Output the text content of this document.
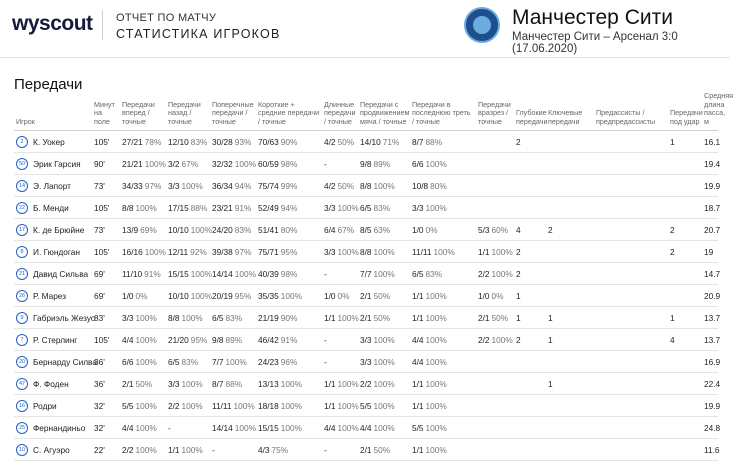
wyscout ОТЧЕТ ПО МАТЧУ
СТАТИСТИКА ИГРОКОВ
Манчестер Сити
Манчестер Сити – Арсенал 3:0 (17.06.2020)
Передачи
Игрок	Минут на поле	Передачи вперед / точные	Передачи назад / точные	Поперечные передачи / точные	Короткие + средние передачи / точные	Длинные передачи / точные	Передачи с продвижением мяча / точные	Передачи в последнюю треть / точные	Передачи вразрез / точные	Глубокие передачи	Ключевые передачи	Предассисты / предпредассисты	Передачи под удар	Средняя длина пасса, м
2 К. Уокер	105'	27/21 78%	12/10 83%	30/28 93%	70/63 90%	4/2 50%	14/10 71%	8/7 88%		2			1	16.1
50 Эрик Гарсия	90'	21/21 100%	3/2 67%	32/32 100%	60/59 98%	-	9/8 89%	6/6 100%						19.4
14 Э. Лапорт	73'	34/33 97%	3/3 100%	36/34 94%	75/74 99%	4/2 50%	8/8 100%	10/8 80%						19.9
22 Б. Менди	105'	8/8 100%	17/15 88%	23/21 91%	52/49 94%	3/3 100%	6/5 83%	3/3 100%						18.7
17 К. де Брюйне	73'	13/9 69%	10/10 100%	24/20 83%	51/41 80%	6/4 67%	8/5 63%	1/0 0%	5/3 60%	4	2		2	20.7
8 И. Гюндоган	105'	16/16 100%	12/11 92%	39/38 97%	75/71 95%	3/3 100%	8/8 100%	11/11 100%	1/1 100%	2			2	19
21 Давид Сильва	69'	11/10 91%	15/15 100%	14/14 100%	40/39 98%	-	7/7 100%	6/5 83%	2/2 100%	2				14.7
26 Р. Марез	69'	1/0 0%	10/10 100%	20/19 95%	35/35 100%	1/0 0%	2/1 50%	1/1 100%	1/0 0%	1				20.9
9 Габриэль Жезус	83'	3/3 100%	8/8 100%	6/5 83%	21/19 90%	1/1 100%	2/1 50%	1/1 100%	2/1 50%	1	1		1	13.7
7 Р. Стерлинг	105'	4/4 100%	21/20 95%	9/8 89%	46/42 91%	-	3/3 100%	4/4 100%	2/2 100%	2	1		4	13.7
20 Бернарду Силва	36'	6/6 100%	6/5 83%	7/7 100%	24/23 96%	-	3/3 100%	4/4 100%						16.9
47 Ф. Фоден	36'	2/1 50%	3/3 100%	8/7 88%	13/13 100%	1/1 100%	2/2 100%	1/1 100%			1			22.4
16 Родри	32'	5/5 100%	2/2 100%	11/11 100%	18/18 100%	1/1 100%	5/5 100%	1/1 100%						19.9
25 Фернандиньо	32'	4/4 100%	-	14/14 100%	15/15 100%	4/4 100%	4/4 100%	5/5 100%						24.8
10 С. Агуэро	22'	2/2 100%	1/1 100%	-	4/3 75%	-	2/1 50%	1/1 100%						11.6
